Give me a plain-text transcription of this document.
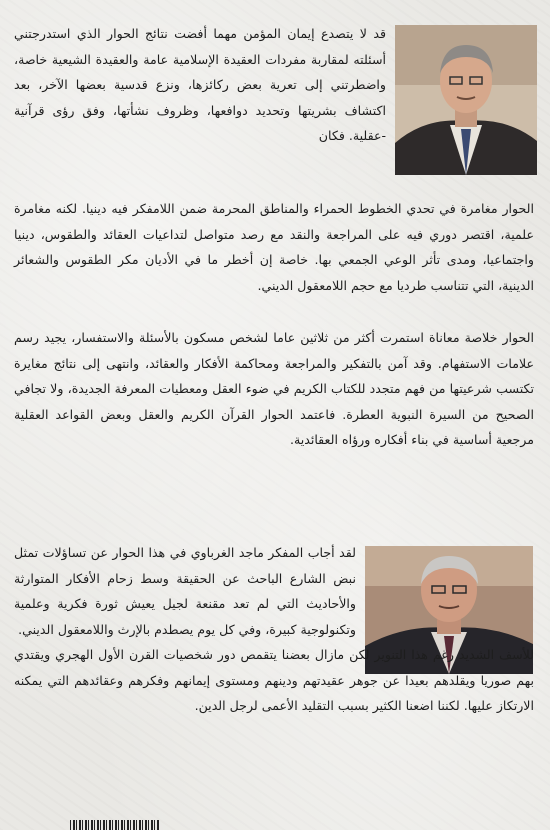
قد لا يتصدع إيمان المؤمن مهما أفضت نتائج الحوار الذي استدرجتني أسئلته لمقاربة مفردات العقيدة الإسلامية عامة والعقيدة الشيعية خاصة، واضطرتني إلى تعرية بعض ركائزها، ونزع قدسية بعضها الآخر، بعد اكتشاف بشريتها وتحديد دوافعها، وظروف نشأتها، وفق رؤى قرآنية -عقلية. فكان

الحوار مغامرة في تحدي الخطوط الحمراء والمناطق المحرمة ضمن اللامفكر فيه دينيا. لكنه مغامرة علمية، اقتصر دوري فيه على المراجعة والنقد مع رصد متواصل لتداعيات العقائد والطقوس، دينيا واجتماعيا، ومدى تأثر الوعي الجمعي بها. خاصة إن أخطر ما في الأديان مكر الطقوس والشعائر الدينية، التي تتناسب طرديا مع حجم اللامعقول الديني.

الحوار خلاصة معاناة استمرت أكثر من ثلاثين عاما لشخص مسكون بالأسئلة والاستفسار، يجيد رسم علامات الاستفهام. وقد آمن بالتفكير والمراجعة ومحاكمة الأفكار والعقائد، وانتهى إلى نتائج مغايرة تكتسب شرعيتها من فهم متجدد للكتاب الكريم في ضوء العقل ومعطيات المعرفة الجديدة، ولا تجافي الصحيح من السيرة النبوية العطرة. فاعتمد الحوار القرآن الكريم والعقل وبعض القواعد العقلية مرجعية أساسية في بناء أفكاره ورؤاه العقائدية.

لقد أجاب المفكر ماجد الغرباوي في هذا الحوار عن تساؤلات تمثل نبض الشارع الباحث عن الحقيقة وسط زحام الأفكار المتوارثة والأحاديث التي لم تعد مقنعة لجيل يعيش ثورة فكرية وعلمية وتكنولوجية كبيرة، وفي كل يوم يصطدم بالإرث واللامعقول الديني.

للأسف الشديد رغم هذا التنوير لكن مازال بعضنا يتقمص دور شخصيات القرن الأول الهجري ويقتدي بهم صوريا ويقلدهم بعيدا عن جوهر عقيدتهم ودينهم ومستوى إيمانهم وفكرهم وعقائدهم التي يمكنه الارتكاز عليها. لكننا اضعنا الكثير بسبب التقليد الأعمى لرجل الدين.
